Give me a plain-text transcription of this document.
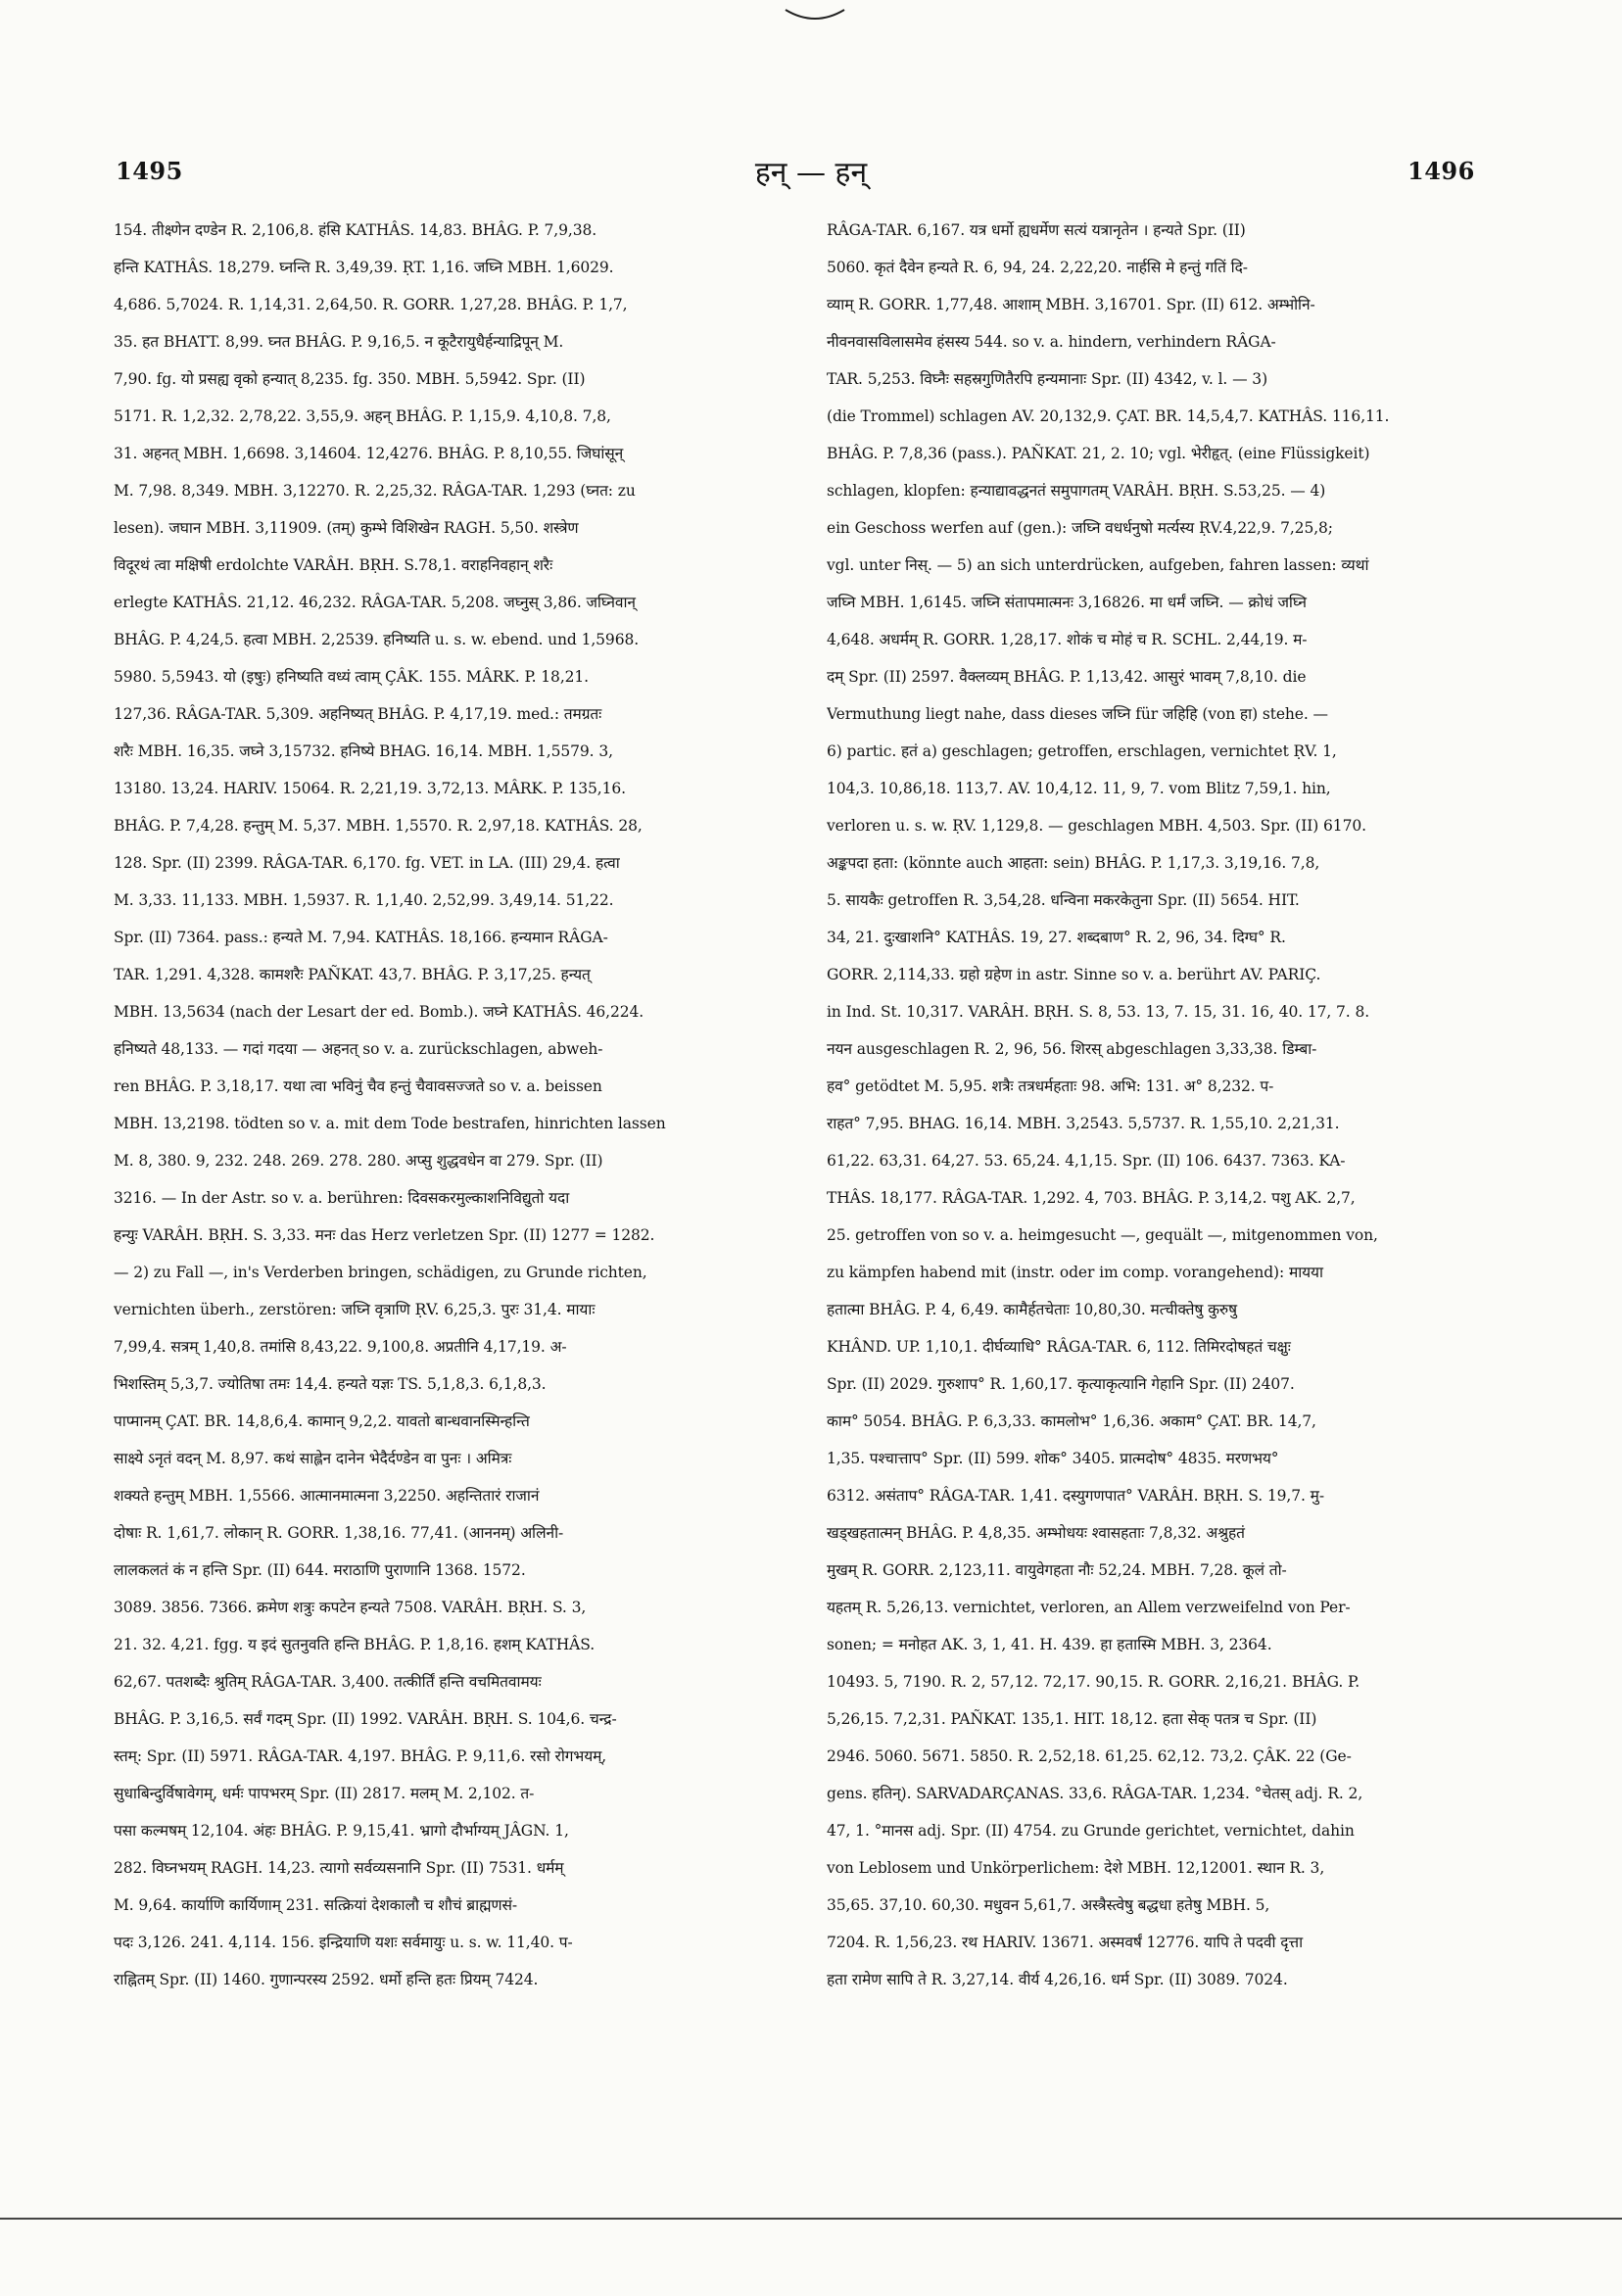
1495	हन् — हन्	1496
154. तीक्ष्णेन दण्डेन R. 2,106,8. हंसि KATHÂS. 14,83. BHÂG. P. 7,9,38.
हन्ति KATHÂS. 18,279. घ्नन्ति R. 3,49,39. ṚT. 1,16. जघ्नि MBH. 1,6029.
4,686. 5,7024. R. 1,14,31. 2,64,50. R. GORR. 1,27,28. BHÂG. P. 1,7,
35. हत BHATT. 8,99. घ्नत BHÂG. P. 9,16,5. न कूटैरायुधैर्हन्याद्रिपून् M.
7,90. fg. यो प्रसह्य वृको हन्यात् 8,235. fg. 350. MBH. 5,5942. Spr. (II)
5171. R. 1,2,32. 2,78,22. 3,55,9. अहन् BHÂG. P. 1,15,9. 4,10,8. 7,8,
31. अहनत् MBH. 1,6698. 3,14604. 12,4276. BHÂG. P. 8,10,55. जिघांसून्
M. 7,98. 8,349. MBH. 3,12270. R. 2,25,32. RÂGA-TAR. 1,293 (घ्नत: zu
lesen). जघान MBH. 3,11909. (तम्) कुम्भे विशिखेन RAGH. 5,50. शस्त्रेण
विदूरथं त्वा मक्षिषी erdolchte VARÂH. BṚH. S.78,1. वराहनिवहान् शरैः
erlegte KATHÂS. 21,12. 46,232. RÂGA-TAR. 5,208. जघ्नुस् 3,86. जघ्निवान्
BHÂG. P. 4,24,5. हत्वा MBH. 2,2539. हनिष्यति u. s. w. ebend. und 1,5968.
5980. 5,5943. यो (इषुः) हनिष्यति वध्यं त्वाम् ÇÂK. 155. MÂRK. P. 18,21.
127,36. RÂGA-TAR. 5,309. अहनिष्यत् BHÂG. P. 4,17,19. med.: तमग्रतः
शरैः MBH. 16,35. जघ्ने 3,15732. हनिष्ये BHAG. 16,14. MBH. 1,5579. 3,
13180. 13,24. HARIV. 15064. R. 2,21,19. 3,72,13. MÂRK. P. 135,16.
BHÂG. P. 7,4,28. हन्तुम् M. 5,37. MBH. 1,5570. R. 2,97,18. KATHÂS. 28,
128. Spr. (II) 2399. RÂGA-TAR. 6,170. fg. VET. in LA. (III) 29,4. हत्वा
M. 3,33. 11,133. MBH. 1,5937. R. 1,1,40. 2,52,99. 3,49,14. 51,22.
Spr. (II) 7364. pass.: हन्यते M. 7,94. KATHÂS. 18,166. हन्यमान RÂGA-
TAR. 1,291. 4,328. कामशरैः PAÑKAT. 43,7. BHÂG. P. 3,17,25. हन्यत्
MBH. 13,5634 (nach der Lesart der ed. Bomb.). जघ्ने KATHÂS. 46,224.
हनिष्यते 48,133. — गदां गदया — अहनत् so v. a. zurückschlagen, abweh-
ren BHÂG. P. 3,18,17. यथा त्वा भविनुं चैव हन्तुं चैवावसज्जते so v. a. beissen
MBH. 13,2198. tödten so v. a. mit dem Tode bestrafen, hinrichten lassen
M. 8, 380. 9, 232. 248. 269. 278. 280. अप्सु शुद्धवधेन वा 279. Spr. (II)
3216. — In der Astr. so v. a. berühren: दिवसकरमुल्काशनिविद्युतो यदा
हन्युः VARÂH. BṚH. S. 3,33. मनः das Herz verletzen Spr. (II) 1277 = 1282.
— 2) zu Fall —, in's Verderben bringen, schädigen, zu Grunde richten,
vernichten überh., zerstören: जघ्नि वृत्राणि ṚV. 6,25,3. पुरः 31,4. मायाः
7,99,4. सत्रम् 1,40,8. तमांसि 8,43,22. 9,100,8. अप्रतीनि 4,17,19. अ-
भिशस्तिम् 5,3,7. ज्योतिषा तमः 14,4. हन्यते यज्ञः TS. 5,1,8,3. 6,1,8,3.
पाप्मानम् ÇAT. BR. 14,8,6,4. कामान् 9,2,2. यावतो बान्धवानस्मिन्हन्ति
साक्ष्ये ऽनृतं वदन् M. 8,97. कथं साह्लेन दानेन भेदैर्दण्डेन वा पुनः । अमित्रः
शक्यते हन्तुम् MBH. 1,5566. आत्मानमात्मना 3,2250. अहन्तितारं राजानं
दोषाः R. 1,61,7. लोकान् R. GORR. 1,38,16. 77,41. (आननम्) अलिनी-
लालकलतं कं न हन्ति Spr. (II) 644. मराठाणि पुराणानि 1368. 1572.
3089. 3856. 7366. क्रमेण शत्रुः कपटेन हन्यते 7508. VARÂH. BṚH. S. 3,
21. 32. 4,21. fgg. य इदं सुतनुवति हन्ति BHÂG. P. 1,8,16. हशम् KATHÂS.
62,67. पतशब्दैः श्रुतिम् RÂGA-TAR. 3,400. तत्कीर्तिं हन्ति वचमितवामयः
BHÂG. P. 3,16,5. सर्वं गदम् Spr. (II) 1992. VARÂH. BṚH. S. 104,6. चन्द्र-
स्तम्: Spr. (II) 5971. RÂGA-TAR. 4,197. BHÂG. P. 9,11,6. रसो रोगभयम्,
सुधाबिन्दुर्विषावेगम्, धर्मः पापभरम् Spr. (II) 2817. मलम् M. 2,102. त-
पसा कल्मषम् 12,104. अंहः BHÂG. P. 9,15,41. भ्रागो दौर्भाग्यम् JÂGN. 1,
282. विघ्नभयम् RAGH. 14,23. त्यागो सर्वव्यसनानि Spr. (II) 7531. धर्मम्
M. 9,64. कार्याणि कार्यिणाम् 231. सत्क्रियां देशकालौ च शौचं ब्राह्मणसं-
पदः 3,126. 241. 4,114. 156. इन्द्रियाणि यशः सर्वमायुः u. s. w. 11,40. प-
राह्नितम् Spr. (II) 1460. गुणान्परस्य 2592. धर्मो हन्ति हतः प्रियम् 7424.
RÂGA-TAR. 6,167. यत्र धर्मो ह्यधर्मेण सत्यं यत्रानृतेन । हन्यते Spr. (II)
5060. कृतं दैवेन हन्यते R. 6, 94, 24. 2,22,20. नार्हसि मे हन्तुं गतिं दि-
व्याम् R. GORR. 1,77,48. आशाम् MBH. 3,16701. Spr. (II) 612. अम्भोनि-
नीवनवासविलासमेव हंसस्य 544. so v. a. hindern, verhindern RÂGA-
TAR. 5,253. विघ्नैः सहस्रगुणितैरपि हन्यमानाः Spr. (II) 4342, v. l. — 3)
(die Trommel) schlagen AV. 20,132,9. ÇAT. BR. 14,5,4,7. KATHÂS. 116,11.
BHÂG. P. 7,8,36 (pass.). PAÑKAT. 21, 2. 10; vgl. भेरीहृत्. (eine Flüssigkeit)
schlagen, klopfen: हन्याद्यावद्धनतं समुपागतम् VARÂH. BṚH. S.53,25. — 4)
ein Geschoss werfen auf (gen.): जघ्नि वधर्धनुषो मर्त्यस्य ṚV.4,22,9. 7,25,8;
vgl. unter निस्. — 5) an sich unterdrücken, aufgeben, fahren lassen: व्यथां
जघ्नि MBH. 1,6145. जघ्नि संतापमात्मनः 3,16826. मा धर्मं जघ्नि. — क्रोधं जघ्नि
4,648. अधर्मम् R. GORR. 1,28,17. शोकं च मोहं च R. SCHL. 2,44,19. म-
दम् Spr. (II) 2597. वैक्लव्यम् BHÂG. P. 1,13,42. आसुरं भावम् 7,8,10. die
Vermuthung liegt nahe, dass dieses जघ्नि für जहिहि (von हा) stehe. —
6) partic. हतं a) geschlagen; getroffen, erschlagen, vernichtet ṚV. 1,
104,3. 10,86,18. 113,7. AV. 10,4,12. 11, 9, 7. vom Blitz 7,59,1. hin,
verloren u. s. w. ṚV. 1,129,8. — geschlagen MBH. 4,503. Spr. (II) 6170.
अङ्कपदा हता: (könnte auch आहता: sein) BHÂG. P. 1,17,3. 3,19,16. 7,8,
5. सायकैः getroffen R. 3,54,28. धन्विना मकरकेतुना Spr. (II) 5654. HIT.
34, 21. दुःखाशनि° KATHÂS. 19, 27. शब्दबाण° R. 2, 96, 34. दिग्घ° R.
GORR. 2,114,33. ग्रहो ग्रहेण in astr. Sinne so v. a. berührt AV. PARIÇ.
in Ind. St. 10,317. VARÂH. BṚH. S. 8, 53. 13, 7. 15, 31. 16, 40. 17, 7. 8.
नयन ausgeschlagen R. 2, 96, 56. शिरस् abgeschlagen 3,33,38. डिम्बा-
हव° getödtet M. 5,95. शत्रैः तत्रधर्महताः 98. अभि: 131. अ° 8,232. प-
राहत° 7,95. BHAG. 16,14. MBH. 3,2543. 5,5737. R. 1,55,10. 2,21,31.
61,22. 63,31. 64,27. 53. 65,24. 4,1,15. Spr. (II) 106. 6437. 7363. KA-
THÂS. 18,177. RÂGA-TAR. 1,292. 4, 703. BHÂG. P. 3,14,2. पशु AK. 2,7,
25. getroffen von so v. a. heimgesucht —, gequält —, mitgenommen von,
zu kämpfen habend mit (instr. oder im comp. vorangehend): मायया
हतात्मा BHÂG. P. 4, 6,49. कामैर्हतचेताः 10,80,30. मत्चीक्तेषु कुरुषु
KHÂND. UP. 1,10,1. दीर्घव्याधि° RÂGA-TAR. 6, 112. तिमिरदोषहतं चक्षुः
Spr. (II) 2029. गुरुशाप° R. 1,60,17. कृत्याकृत्यानि गेहानि Spr. (II) 2407.
काम° 5054. BHÂG. P. 6,3,33. कामलोभ° 1,6,36. अकाम° ÇAT. BR. 14,7,
1,35. पश्चात्ताप° Spr. (II) 599. शोक° 3405. प्रात्मदोष° 4835. मरणभय°
6312. असंताप° RÂGA-TAR. 1,41. दस्युगणपात° VARÂH. BṚH. S. 19,7. मु-
खड्खहतात्मन् BHÂG. P. 4,8,35. अम्भोधयः श्वासहताः 7,8,32. अश्रुहतं
मुखम् R. GORR. 2,123,11. वायुवेगहता नौः 52,24. MBH. 7,28. कूलं तो-
यहतम् R. 5,26,13. vernichtet, verloren, an Allem verzweifelnd von Per-
sonen; = मनोहत AK. 3, 1, 41. H. 439. हा हतास्मि MBH. 3, 2364.
10493. 5, 7190. R. 2, 57,12. 72,17. 90,15. R. GORR. 2,16,21. BHÂG. P.
5,26,15. 7,2,31. PAÑKAT. 135,1. HIT. 18,12. हता सेक् पतत्र च Spr. (II)
2946. 5060. 5671. 5850. R. 2,52,18. 61,25. 62,12. 73,2. ÇÂK. 22 (Ge-
gens. हतिन्). SARVADARÇANAS. 33,6. RÂGA-TAR. 1,234. °चेतस् adj. R. 2,
47, 1. °मानस adj. Spr. (II) 4754. zu Grunde gerichtet, vernichtet, dahin
von Leblosem und Unkörperlichem: देशे MBH. 12,12001. स्थान R. 3,
35,65. 37,10. 60,30. मधुवन 5,61,7. अस्त्रैस्त्वेषु बद्धधा हतेषु MBH. 5,
7204. R. 1,56,23. रथ HARIV. 13671. अस्मवर्षं 12776. यापि ते पदवी दृत्ता
हता रामेण सापि ते R. 3,27,14. वीर्य 4,26,16. धर्म Spr. (II) 3089. 7024.
